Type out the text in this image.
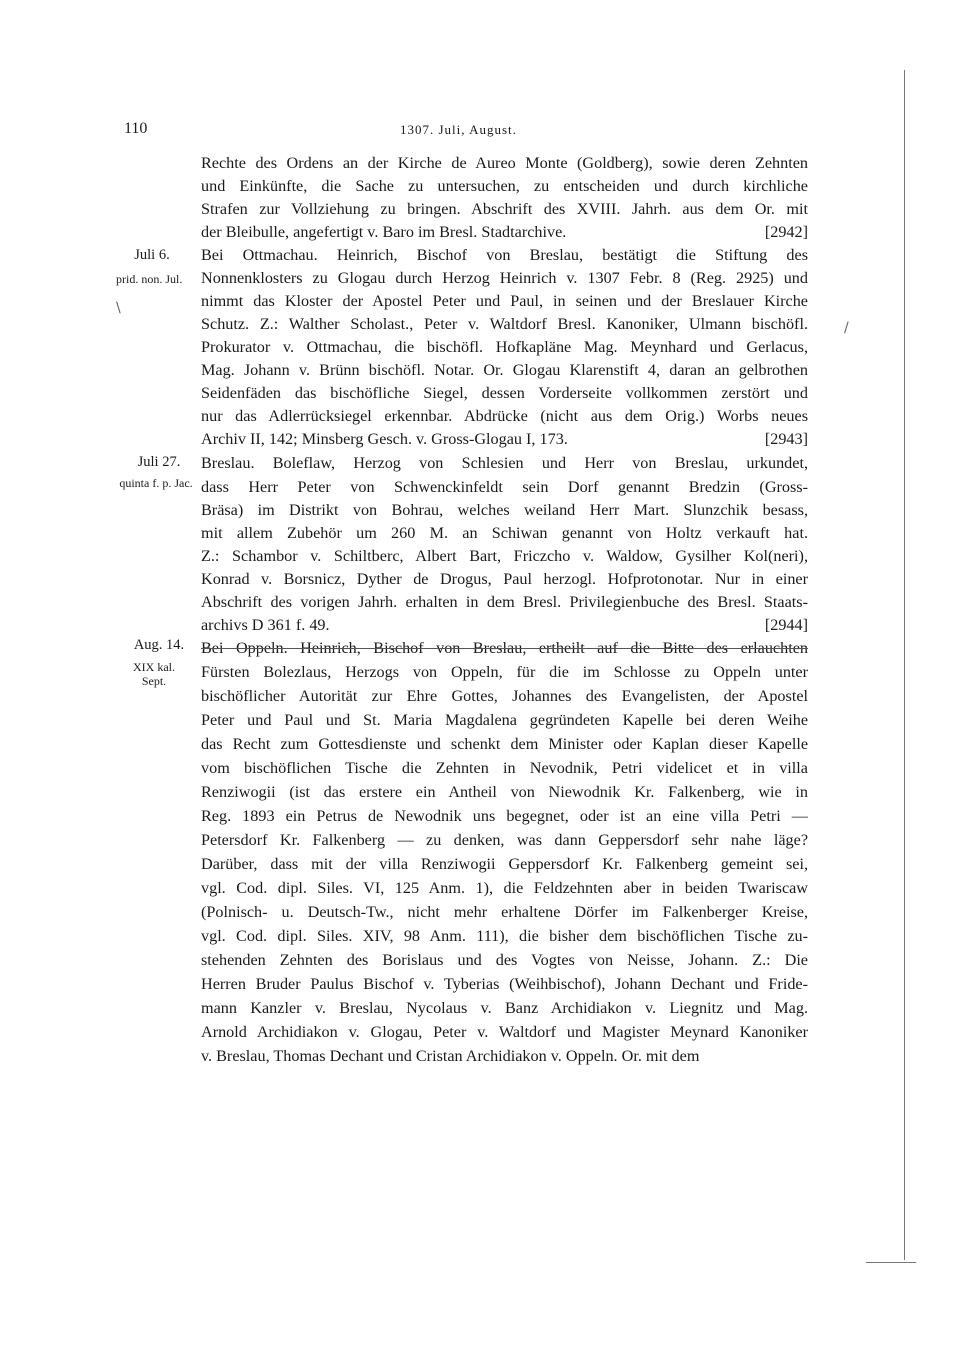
110	1307. Juli, August.
Rechte des Ordens an der Kirche de Aureo Monte (Goldberg), sowie deren Zehnten
und Einkünfte, die Sache zu untersuchen, zu entscheiden und durch kirchliche
Strafen zur Vollziehung zu bringen. Abschrift des XVIII. Jahrh. aus dem Or. mit
der Bleibulle, angefertigt v. Baro im Bresl. Stadtarchive.	[2942]
Juli 6.
prid. non. Jul.
Bei Ottmachau. Heinrich, Bischof von Breslau, bestätigt die Stiftung des
Nonnenklosters zu Glogau durch Herzog Heinrich v. 1307 Febr. 8 (Reg. 2925) und
nimmt das Kloster der Apostel Peter und Paul, in seinen und der Breslauer Kirche
Schutz. Z.: Walther Scholast., Peter v. Waltdorf Bresl. Kanoniker, Ulmann bischöfl.
Prokurator v. Ottmachau, die bischöfl. Hofkapläne Mag. Meynhard und Gerlacus,
Mag. Johann v. Brünn bischöfl. Notar. Or. Glogau Klarenstift 4, daran an gelbrothen
Seidenfäden das bischöfliche Siegel, dessen Vorderseite vollkommen zerstört und
nur das Adlerrücksiegel erkennbar. Abdrücke (nicht aus dem Orig.) Worbs neues
Archiv II, 142; Minsberg Gesch. v. Gross-Glogau I, 173.	[2943]
Juli 27.
quinta f. p. Jac.
Breslau. Boleflaw, Herzog von Schlesien und Herr von Breslau, urkundet,
dass Herr Peter von Schwenckinfeldt sein Dorf genannt Bredzin (Gross-
Bräsa) im Distrikt von Bohrau, welches weiland Herr Mart. Slunzchik besass,
mit allem Zubehör um 260 M. an Schiwan genannt von Holtz verkauft hat.
Z.: Schambor v. Schiltberc, Albert Bart, Friczcho v. Waldow, Gysilher Kol(neri),
Konrad v. Borsnicz, Dyther de Drogus, Paul herzogl. Hofprotonotar. Nur in einer
Abschrift des vorigen Jahrh. erhalten in dem Bresl. Privilegienbuche des Bresl. Staats-
archivs D 361 f. 49.	[2944]
Aug. 14.
XIX kal. Sept.
Bei Oppeln. Heinrich, Bischof von Breslau, ertheilt auf die Bitte des erlauchten
Fürsten Bolezlaus, Herzogs von Oppeln, für die im Schlosse zu Oppeln unter
bischöflicher Autorität zur Ehre Gottes, Johannes des Evangelisten, der Apostel
Peter und Paul und St. Maria Magdalena gegründeten Kapelle bei deren Weihe
das Recht zum Gottesdienste und schenkt dem Minister oder Kaplan dieser Kapelle
vom bischöflichen Tische die Zehnten in Nevodnik, Petri videlicet et in villa
Renziwogii (ist das erstere ein Antheil von Niewodnik Kr. Falkenberg, wie in
Reg. 1893 ein Petrus de Newodnik uns begegnet, oder ist an eine villa Petri —
Petersdorf Kr. Falkenberg — zu denken, was dann Geppersdorf sehr nahe läge?
Darüber, dass mit der villa Renziwogii Geppersdorf Kr. Falkenberg gemeint sei,
vgl. Cod. dipl. Siles. VI, 125 Anm. 1), die Feldzehnten aber in beiden Twariscaw
(Polnisch- u. Deutsch-Tw., nicht mehr erhaltene Dörfer im Falkenberger Kreise,
vgl. Cod. dipl. Siles. XIV, 98 Anm. 111), die bisher dem bischöflichen Tische zu-
stehenden Zehnten des Borislaus und des Vogtes von Neisse, Johann. Z.: Die
Herren Bruder Paulus Bischof v. Tyberias (Weihbischof), Johann Dechant und Fride-
mann Kanzler v. Breslau, Nycolaus v. Banz Archidiakon v. Liegnitz und Mag.
Arnold Archidiakon v. Glogau, Peter v. Waltdorf und Magister Meynard Kanoniker
v. Breslau, Thomas Dechant und Cristan Archidiakon v. Oppeln. Or. mit dem
\
/
